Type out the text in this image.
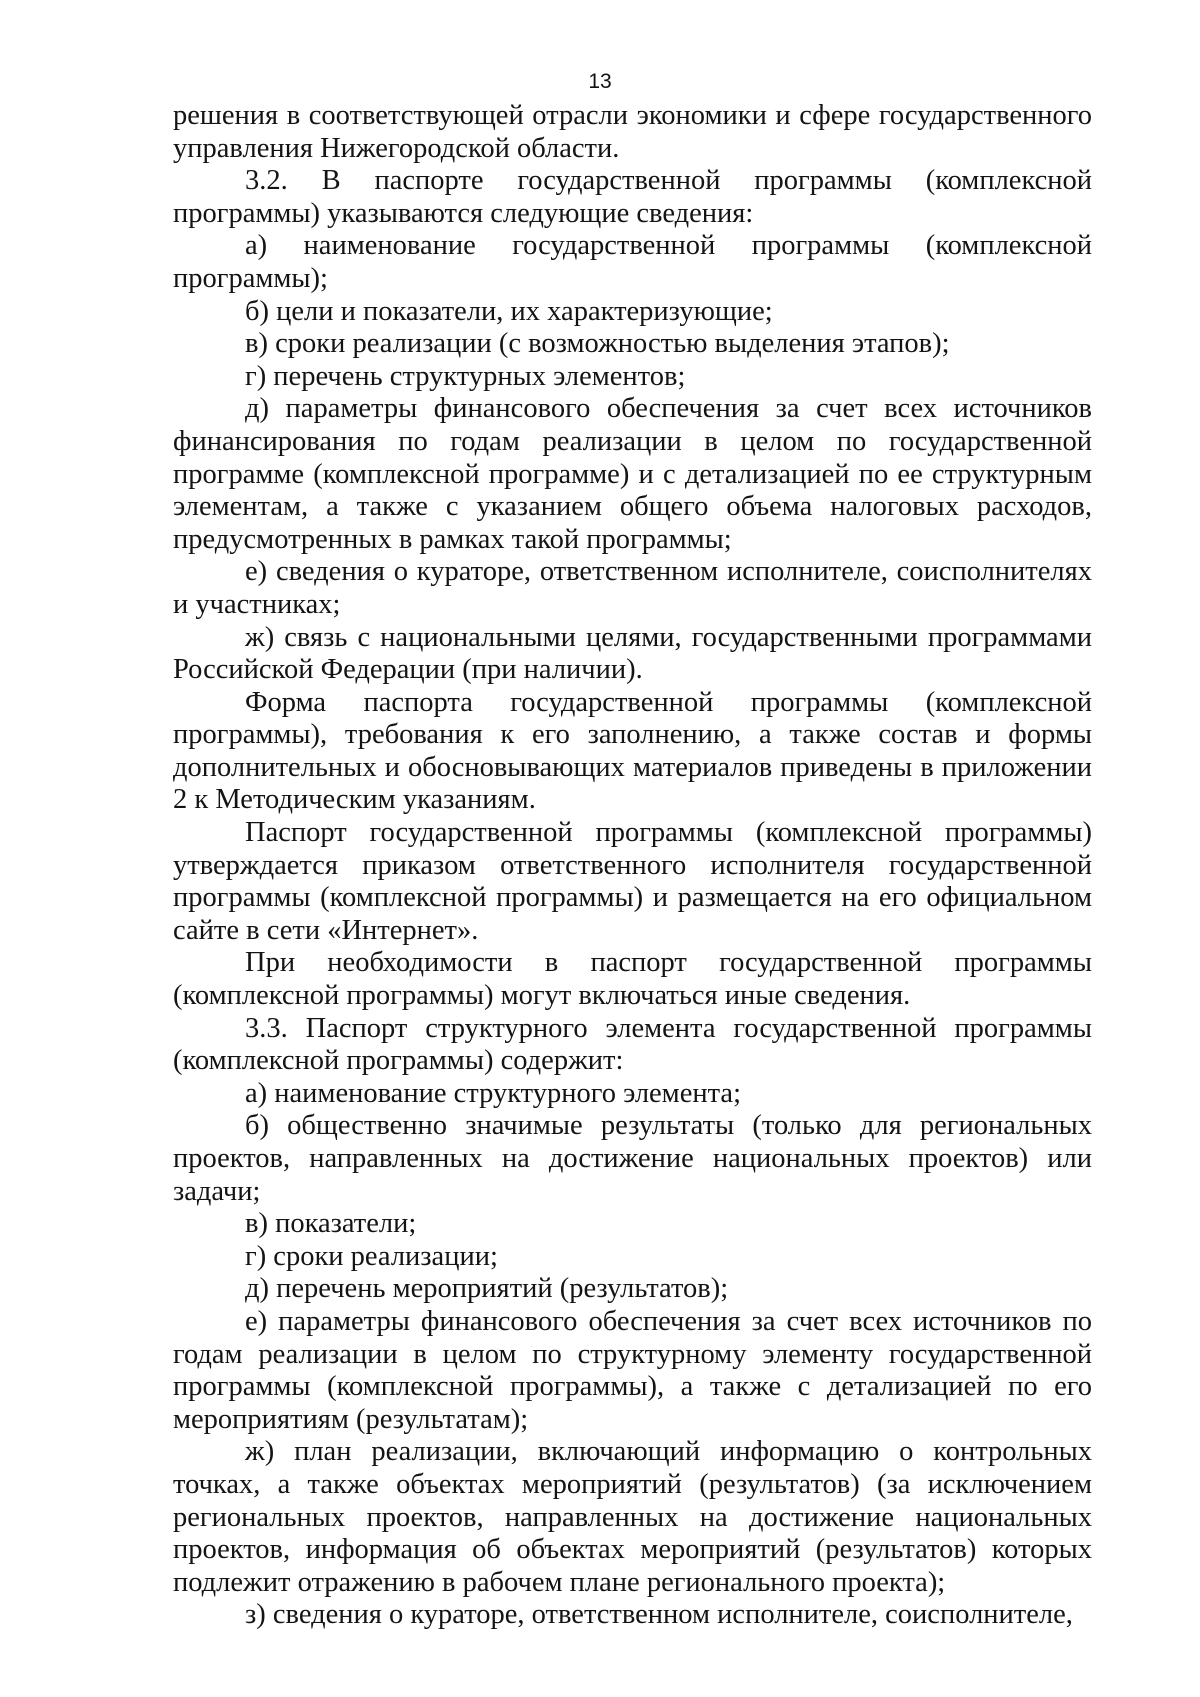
13

решения в соответствующей отрасли экономики и сфере государственного управления Нижегородской области.

3.2. В паспорте государственной программы (комплексной программы) указываются следующие сведения:

а) наименование государственной программы (комплексной программы);

б) цели и показатели, их характеризующие;

в) сроки реализации (с возможностью выделения этапов);

г) перечень структурных элементов;

д) параметры финансового обеспечения за счет всех источников финансирования по годам реализации в целом по государственной программе (комплексной программе) и с детализацией по ее структурным элементам, а также с указанием общего объема налоговых расходов, предусмотренных в рамках такой программы;

е) сведения о кураторе, ответственном исполнителе, соисполнителях и участниках;

ж) связь с национальными целями, государственными программами Российской Федерации (при наличии).

Форма паспорта государственной программы (комплексной программы), требования к его заполнению, а также состав и формы дополнительных и обосновывающих материалов приведены в приложении 2 к Методическим указаниям.

Паспорт государственной программы (комплексной программы) утверждается приказом ответственного исполнителя государственной программы (комплексной программы) и размещается на его официальном сайте в сети «Интернет».

При необходимости в паспорт государственной программы (комплексной программы) могут включаться иные сведения.

3.3. Паспорт структурного элемента государственной программы (комплексной программы) содержит:

а) наименование структурного элемента;

б) общественно значимые результаты (только для региональных проектов, направленных на достижение национальных проектов) или задачи;

в) показатели;

г) сроки реализации;

д) перечень мероприятий (результатов);

е) параметры финансового обеспечения за счет всех источников по годам реализации в целом по структурному элементу государственной программы (комплексной программы), а также с детализацией по его мероприятиям (результатам);

ж) план реализации, включающий информацию о контрольных точках, а также объектах мероприятий (результатов) (за исключением региональных проектов, направленных на достижение национальных проектов, информация об объектах мероприятий (результатов) которых подлежит отражению в рабочем плане регионального проекта);

з) сведения о кураторе, ответственном исполнителе, соисполнителе,
